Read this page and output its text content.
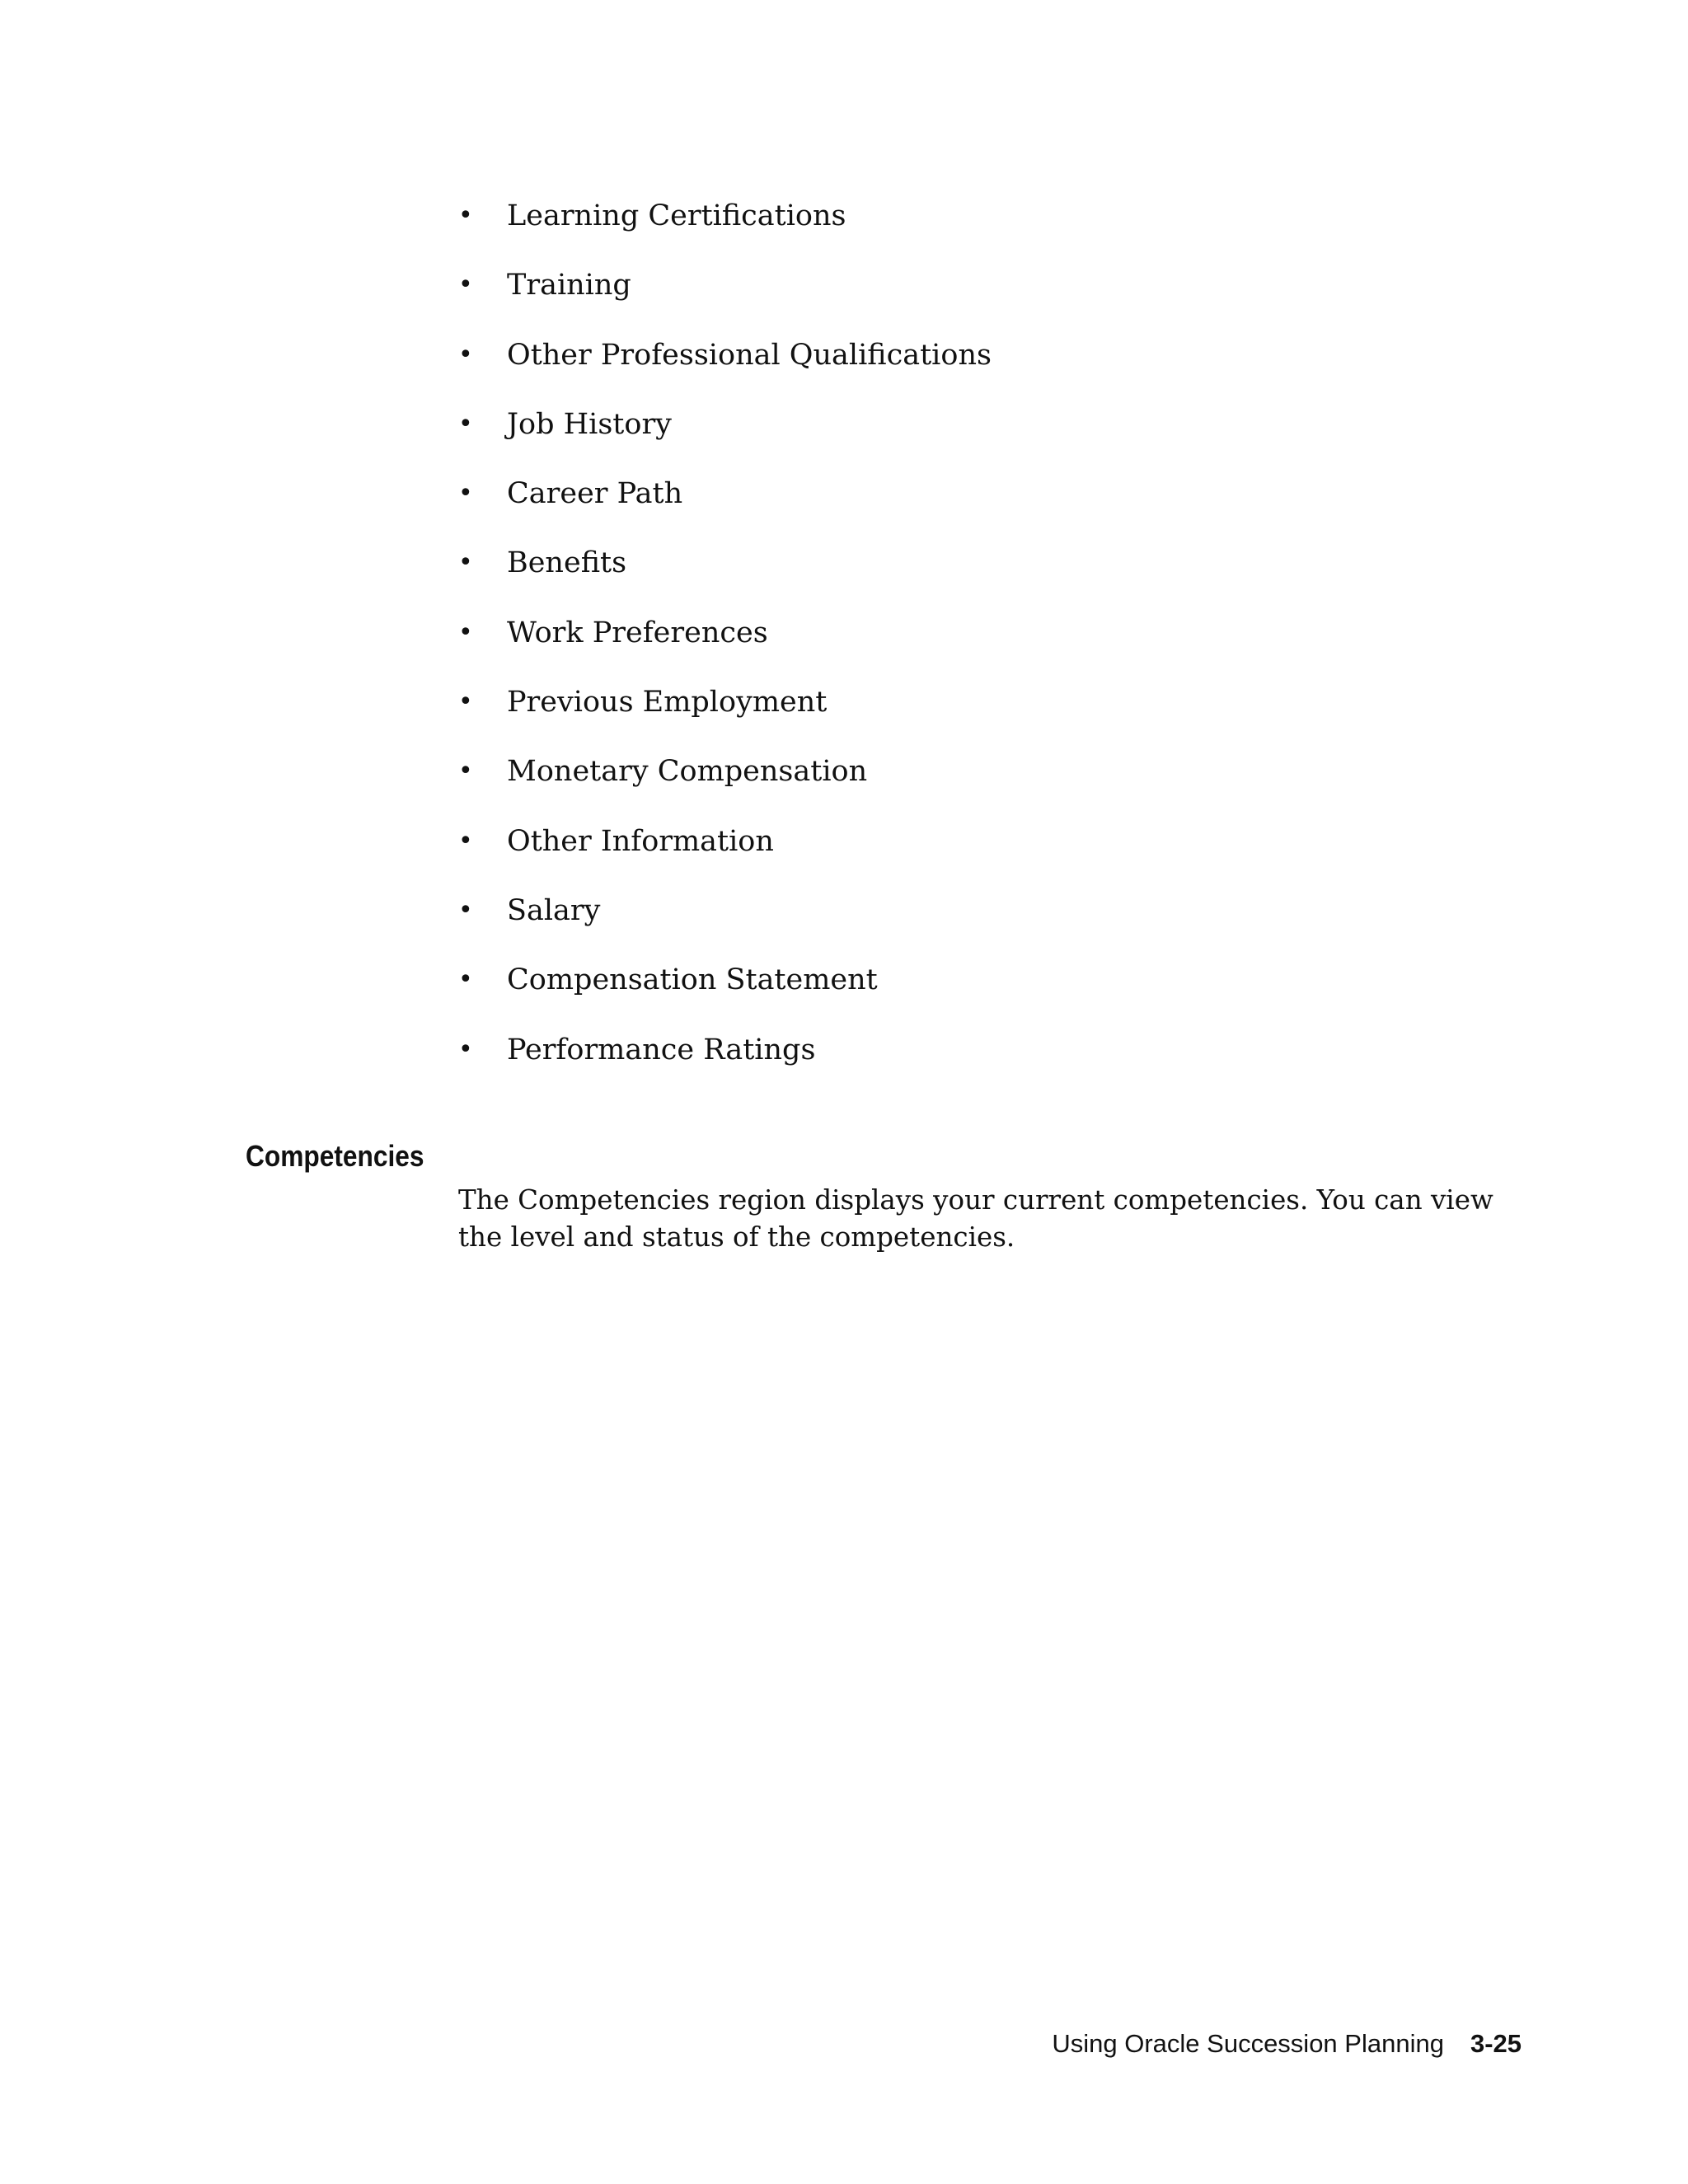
• Learning Certifications
• Training
• Other Professional Qualifications
• Job History
• Career Path
• Benefits
• Work Preferences
• Previous Employment
• Monetary Compensation
• Other Information
• Salary
• Compensation Statement
• Performance Ratings
Competencies

The Competencies region displays your current competencies. You can view the level and status of the competencies.

Using Oracle Succession Planning 3-25
